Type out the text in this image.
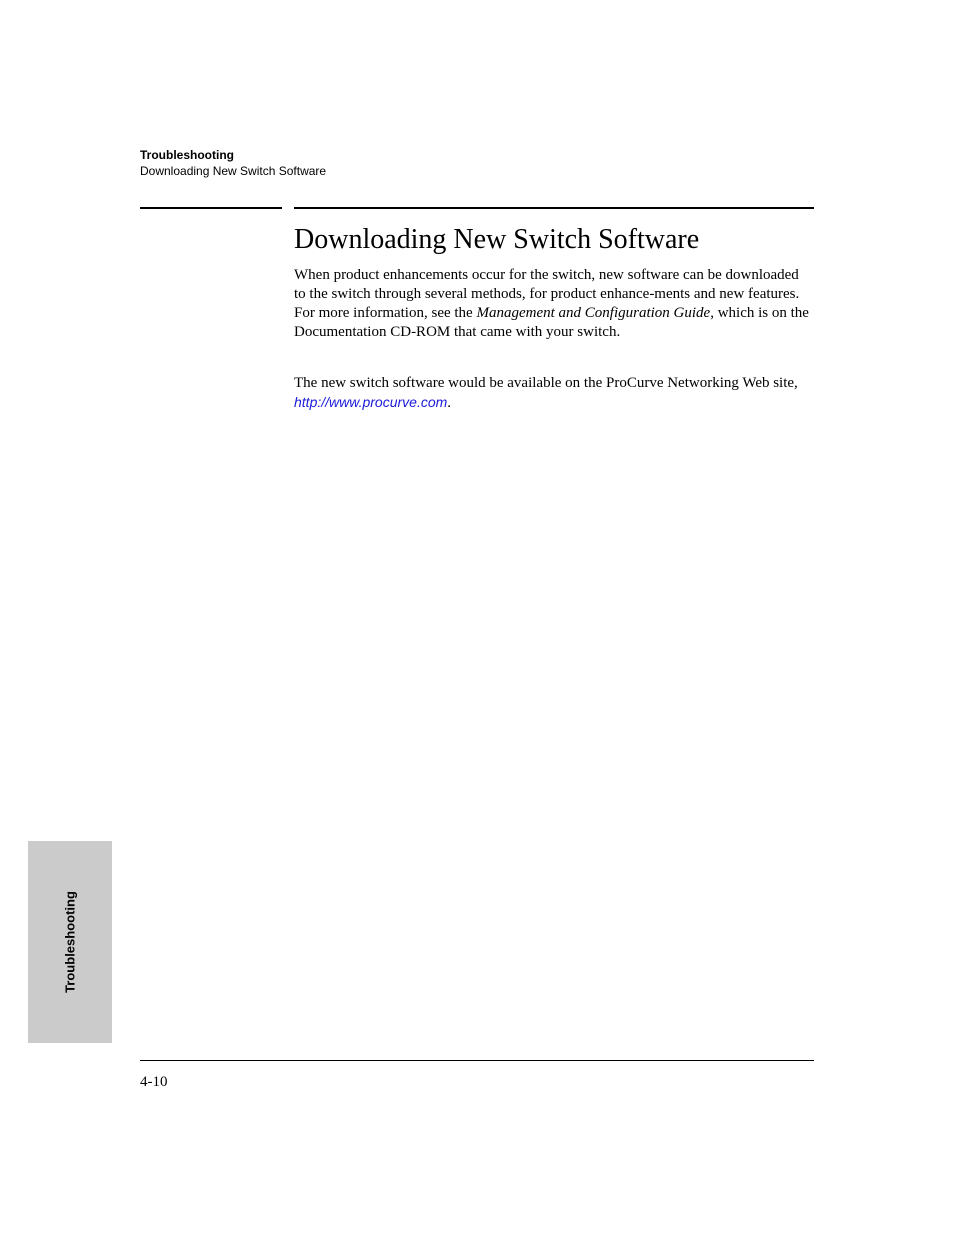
Troubleshooting
Downloading New Switch Software
Downloading New Switch Software

When product enhancements occur for the switch, new software can be downloaded to the switch through several methods, for product enhance-ments and new features. For more information, see the Management and Configuration Guide, which is on the Documentation CD-ROM that came with your switch.

The new switch software would be available on the ProCurve Networking Web site, http://www.procurve.com.

Troubleshooting
4-10
